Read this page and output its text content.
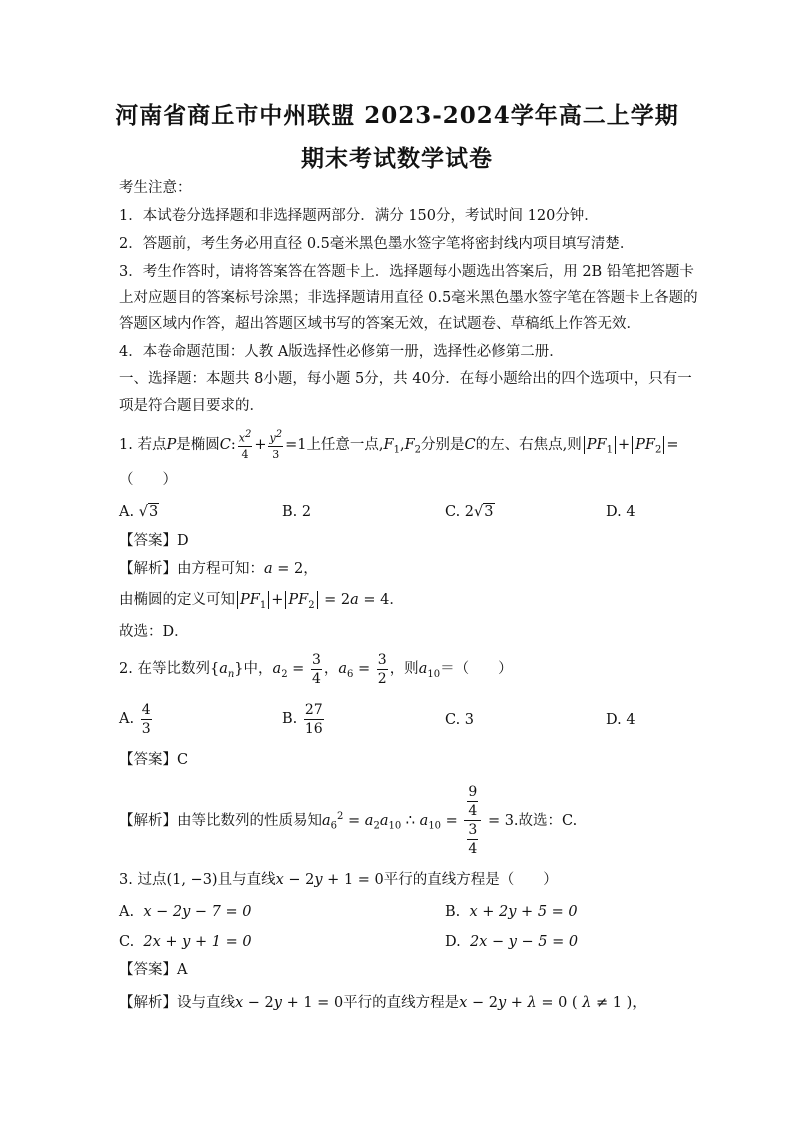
河南省商丘市中州联盟 2023-2024学年高二上学期
期末考试数学试卷
考生注意：
1．本试卷分选择题和非选择题两部分．满分 150分，考试时间 120分钟．
2．答题前，考生务必用直径 0.5毫米黑色墨水签字笔将密封线内项目填写清楚．
3．考生作答时，请将答案答在答题卡上．选择题每小题选出答案后，用 2B 铅笔把答题卡
上对应题目的答案标号涂黑；非选择题请用直径 0.5毫米黑色墨水签字笔在答题卡上各题的
答题区域内作答，超出答题区域书写的答案无效，在试题卷、草稿纸上作答无效．
4．本卷命题范围：人教 A版选择性必修第一册，选择性必修第二册．
一、选择题：本题共 8小题，每小题 5分，共 40分．在每小题给出的四个选项中，只有一
项是符合题目要求的．
1. 若点P是椭圆C: $\frac{x^2}{4} + \frac{y^2}{3} =1$上任意一点$,F_1,F_2$分别是C的左、右焦点,则 $PF_1 + PF_2$ =
（　　）
A. √3	B. 2	C. 2√3	D. 4
【答案】D
【解析】由方程可知：a = 2，
由椭圆的定义可知 $PF_1 + PF_2 = 2a = 4$．
故选：D．
2. 在等比数列$\{a_n\}$中，$a_2 = \frac{3}{4}$ ，$a_6 = \frac{3}{2}$ ，则$a_{10}=$（　　）
A. $\frac{4}{3}$	B. $\frac{27}{16}$	C. 3	D. 4
【答案】C
【解析】由等比数列的性质易知$a_6^2 = a_2a_{10}$ ∴ $a_{10} = \frac{\frac{9}{4}}{\frac{3}{4}} = 3$.故选：C.
3. 过点(1, −3)且与直线x − 2y + 1 = 0平行的直线方程是（　　）
A. x − 2y − 7 = 0	B. x + 2y + 5 = 0
C. 2x + y + 1 = 0	D. 2x − y − 5 = 0
【答案】A
【解析】设与直线x − 2y + 1 = 0平行的直线方程是x − 2y + λ = 0 ( λ ≠ 1 )，
